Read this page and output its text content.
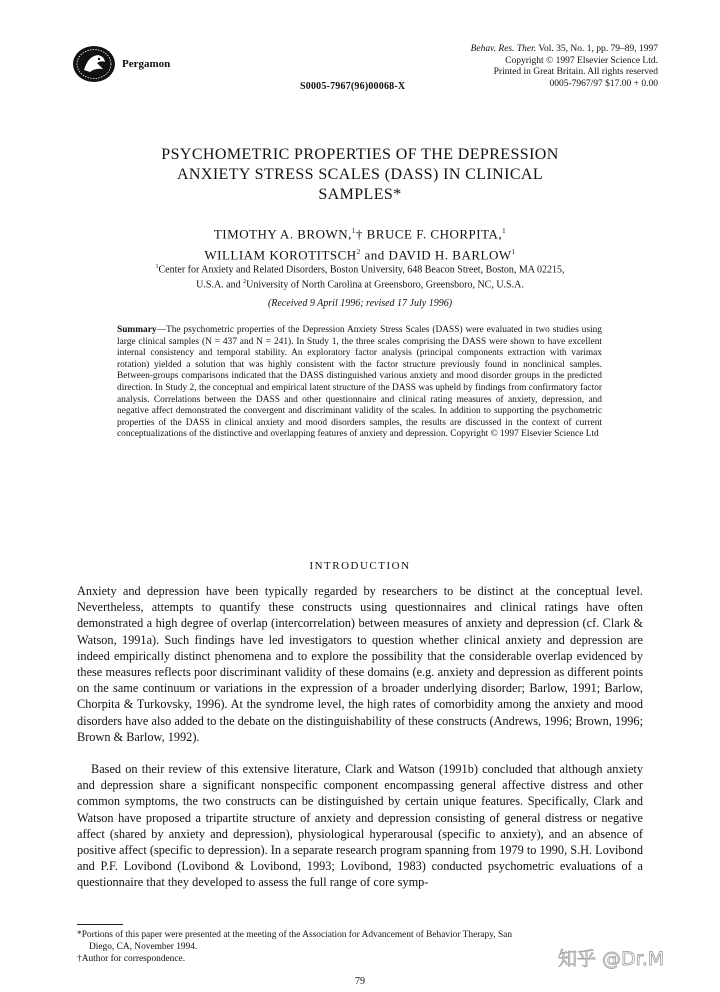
Pergamon
Behav. Res. Ther. Vol. 35, No. 1, pp. 79–89, 1997
Copyright © 1997 Elsevier Science Ltd.
Printed in Great Britain. All rights reserved
0005-7967/97 $17.00 + 0.00
S0005-7967(96)00068-X
PSYCHOMETRIC PROPERTIES OF THE DEPRESSION
ANXIETY STRESS SCALES (DASS) IN CLINICAL
SAMPLES*
TIMOTHY A. BROWN,$^1$† BRUCE F. CHORPITA,$^1$
WILLIAM KOROTITSCH$^2$ and DAVID H. BARLOW$^1$
$^1$Center for Anxiety and Related Disorders, Boston University, 648 Beacon Street, Boston, MA 02215,
U.S.A. and $^2$University of North Carolina at Greensboro, Greensboro, NC, U.S.A.
(Received 9 April 1996; revised 17 July 1996)
Summary—The psychometric properties of the Depression Anxiety Stress Scales (DASS) were evaluated in two studies using large clinical samples (N = 437 and N = 241). In Study 1, the three scales comprising the DASS were shown to have excellent internal consistency and temporal stability. An exploratory factor analysis (principal components extraction with varimax rotation) yielded a solution that was highly consistent with the factor structure previously found in nonclinical samples. Between-groups comparisons indicated that the DASS distinguished various anxiety and mood disorder groups in the predicted direction. In Study 2, the conceptual and empirical latent structure of the DASS was upheld by findings from confirmatory factor analysis. Correlations between the DASS and other questionnaire and clinical rating measures of anxiety, depression, and negative affect demonstrated the convergent and discriminant validity of the scales. In addition to supporting the psychometric properties of the DASS in clinical anxiety and mood disorders samples, the results are discussed in the context of current conceptualizations of the distinctive and overlapping features of anxiety and depression. Copyright © 1997 Elsevier Science Ltd
INTRODUCTION
Anxiety and depression have been typically regarded by researchers to be distinct at the conceptual level. Nevertheless, attempts to quantify these constructs using questionnaires and clinical ratings have often demonstrated a high degree of overlap (intercorrelation) between measures of anxiety and depression (cf. Clark & Watson, 1991a). Such findings have led investigators to question whether clinical anxiety and depression are indeed empirically distinct phenomena and to explore the possibility that the considerable overlap evidenced by these measures reflects poor discriminant validity of these domains (e.g. anxiety and depression as different points on the same continuum or variations in the expression of a broader underlying disorder; Barlow, 1991; Barlow, Chorpita & Turkovsky, 1996). At the syndrome level, the high rates of comorbidity among the anxiety and mood disorders have also added to the debate on the distinguishability of these constructs (Andrews, 1996; Brown, 1996; Brown & Barlow, 1992).
Based on their review of this extensive literature, Clark and Watson (1991b) concluded that although anxiety and depression share a significant nonspecific component encompassing general affective distress and other common symptoms, the two constructs can be distinguished by certain unique features. Specifically, Clark and Watson have proposed a tripartite structure of anxiety and depression consisting of general distress or negative affect (shared by anxiety and depression), physiological hyperarousal (specific to anxiety), and an absence of positive affect (specific to depression). In a separate research program spanning from 1979 to 1990, S.H. Lovibond and P.F. Lovibond (Lovibond & Lovibond, 1993; Lovibond, 1983) conducted psychometric evaluations of a questionnaire that they developed to assess the full range of core symp-
*Portions of this paper were presented at the meeting of the Association for Advancement of Behavior Therapy, San
Diego, CA, November 1994.
†Author for correspondence.
79
知乎 @Dr.M
